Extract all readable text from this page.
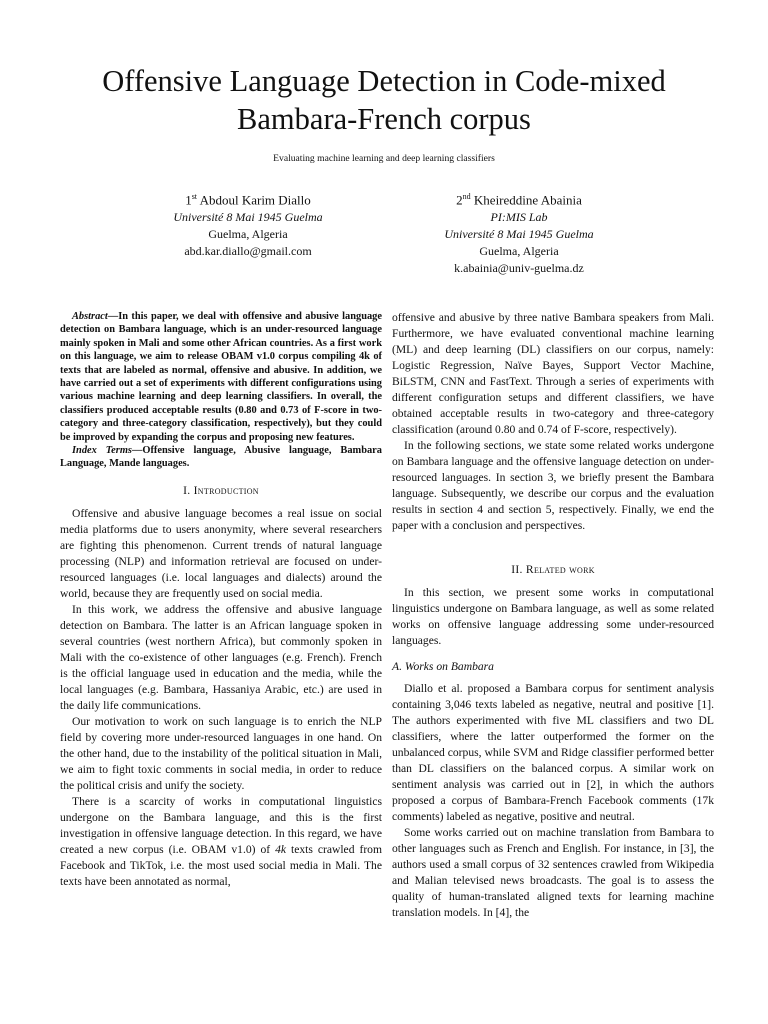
Offensive Language Detection in Code-mixed
Bambara-French corpus
Evaluating machine learning and deep learning classifiers
1st Abdoul Karim Diallo
Université 8 Mai 1945 Guelma
Guelma, Algeria
abd.kar.diallo@gmail.com
2nd Kheireddine Abainia
PI:MIS Lab
Université 8 Mai 1945 Guelma
Guelma, Algeria
k.abainia@univ-guelma.dz

Abstract—In this paper, we deal with offensive and abusive language detection on Bambara language, which is an under-resourced language mainly spoken in Mali and some other African countries. As a first work on this language, we aim to release OBAM v1.0 corpus compiling 4k of texts that are labeled as normal, offensive and abusive. In addition, we have carried out a set of experiments with different configurations using various machine learning and deep learning classifiers. In overall, the classifiers produced acceptable results (0.80 and 0.73 of F-score in two-category and three-category classification, respectively), but they could be improved by expanding the corpus and proposing new features.

Index Terms—Offensive language, Abusive language, Bambara Language, Mande languages.

I. Introduction

Offensive and abusive language becomes a real issue on social media platforms due to users anonymity, where several researchers are fighting this phenomenon. Current trends of natural language processing (NLP) and information retrieval are focused on under-resourced languages (i.e. local languages and dialects) around the world, because they are frequently used on social media.

In this work, we address the offensive and abusive language detection on Bambara. The latter is an African language spoken in several countries (west northern Africa), but commonly spoken in Mali with the co-existence of other languages (e.g. French). French is the official language used in education and the media, while the local languages (e.g. Bambara, Hassaniya Arabic, etc.) are used in the daily life communications.

Our motivation to work on such language is to enrich the NLP field by covering more under-resourced languages in one hand. On the other hand, due to the instability of the political situation in Mali, we aim to fight toxic comments in social media, in order to reduce the political crisis and unify the society.

There is a scarcity of works in computational linguistics undergone on the Bambara language, and this is the first investigation in offensive language detection. In this regard, we have created a new corpus (i.e. OBAM v1.0) of 4k texts crawled from Facebook and TikTok, i.e. the most used social media in Mali. The texts have been annotated as normal,

offensive and abusive by three native Bambara speakers from Mali. Furthermore, we have evaluated conventional machine learning (ML) and deep learning (DL) classifiers on our corpus, namely: Logistic Regression, Naïve Bayes, Support Vector Machine, BiLSTM, CNN and FastText. Through a series of experiments with different configuration setups and different classifiers, we have obtained acceptable results in two-category and three-category classification (around 0.80 and 0.74 of F-score, respectively).

In the following sections, we state some related works undergone on Bambara language and the offensive language detection on under-resourced languages. In section 3, we briefly present the Bambara language. Subsequently, we describe our corpus and the evaluation results in section 4 and section 5, respectively. Finally, we end the paper with a conclusion and perspectives.

II. Related work

In this section, we present some works in computational linguistics undergone on Bambara language, as well as some related works on offensive language addressing some under-resourced languages.

A. Works on Bambara

Diallo et al. proposed a Bambara corpus for sentiment analysis containing 3,046 texts labeled as negative, neutral and positive [1]. The authors experimented with five ML classifiers and two DL classifiers, where the latter outperformed the former on the unbalanced corpus, while SVM and Ridge classifier performed better than DL classifiers on the balanced corpus. A similar work on sentiment analysis was carried out in [2], in which the authors proposed a corpus of Bambara-French Facebook comments (17k comments) labeled as negative, positive and neutral.

Some works carried out on machine translation from Bambara to other languages such as French and English. For instance, in [3], the authors used a small corpus of 32 sentences crawled from Wikipedia and Malian televised news broadcasts. The goal is to assess the quality of human-translated aligned texts for learning machine translation models. In [4], the
